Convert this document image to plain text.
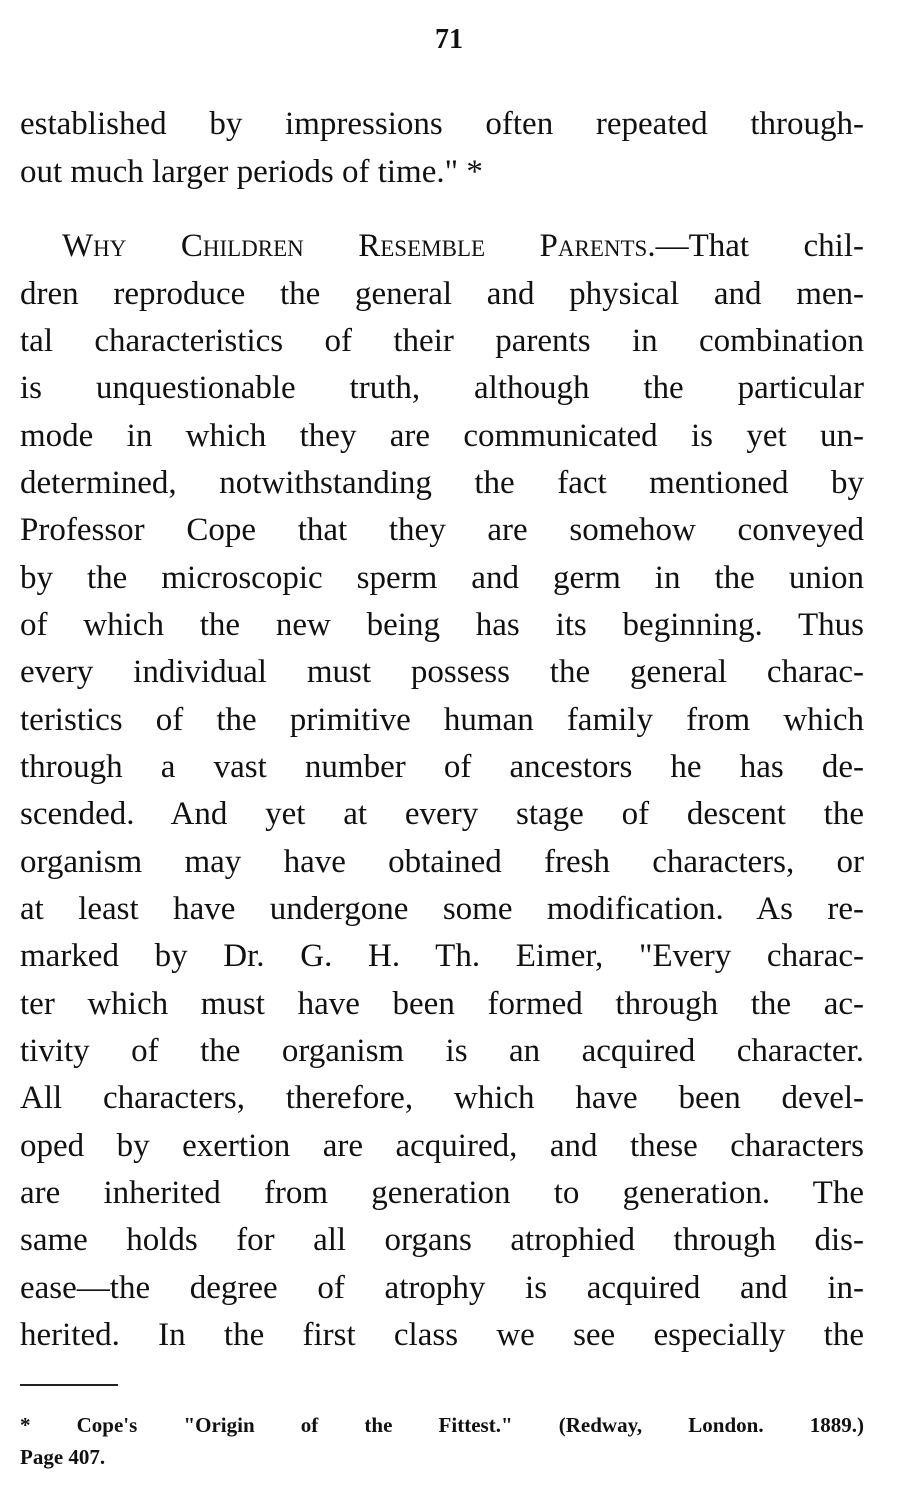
71
established by impressions often repeated through-
out much larger periods of time." *
Why Children Resemble Parents.—That chil-
dren reproduce the general and physical and men-
tal characteristics of their parents in combination
is unquestionable truth, although the particular
mode in which they are communicated is yet un-
determined, notwithstanding the fact mentioned by
Professor Cope that they are somehow conveyed
by the microscopic sperm and germ in the union
of which the new being has its beginning. Thus
every individual must possess the general charac-
teristics of the primitive human family from which
through a vast number of ancestors he has de-
scended. And yet at every stage of descent the
organism may have obtained fresh characters, or
at least have undergone some modification. As re-
marked by Dr. G. H. Th. Eimer, "Every charac-
ter which must have been formed through the ac-
tivity of the organism is an acquired character.
All characters, therefore, which have been devel-
oped by exertion are acquired, and these characters
are inherited from generation to generation. The
same holds for all organs atrophied through dis-
ease—the degree of atrophy is acquired and in-
herited. In the first class we see especially the
* Cope's "Origin of the Fittest." (Redway, London. 1889.)
Page 407.
